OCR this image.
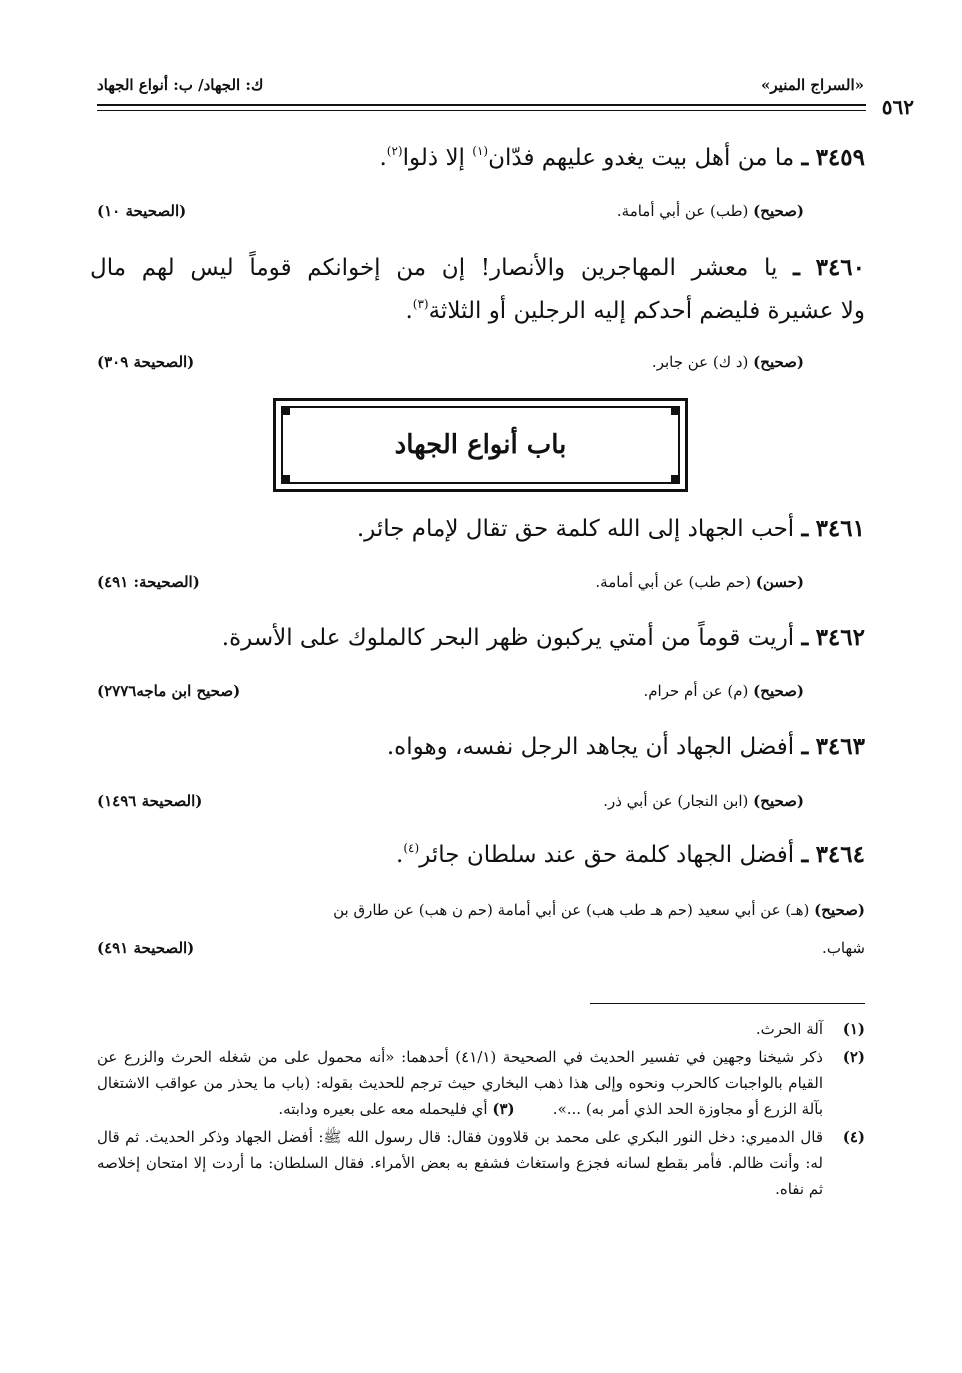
٥٦٢
«السراج المنير»
ك: الجهاد/ ب: أنواع الجهاد
٣٤٥٩ ـ ما من أهل بيت يغدو عليهم فدّان$^{(١)}$ إلا ذلوا$^{(٢)}$.
(صحيح) (طب) عن أبي أمامة.
(الصحيحة ١٠)
٣٤٦٠ ـ يا معشر المهاجرين والأنصار! إن من إخوانكم قوماً ليس لهم مال
ولا عشيرة فليضم أحدكم إليه الرجلين أو الثلاثة$^{(٣)}$.
(صحيح) (د ك) عن جابر.
(الصحيحة ٣٠٩)
باب أنواع الجهاد
٣٤٦١ ـ أحب الجهاد إلى الله كلمة حق تقال لإمام جائر.
(حسن) (حم طب) عن أبي أمامة.
(الصحيحة: ٤٩١)
٣٤٦٢ ـ أريت قوماً من أمتي يركبون ظهر البحر كالملوك على الأسرة.
(صحيح) (م) عن أم حرام.
(صحيح ابن ماجه٢٧٧٦)
٣٤٦٣ ـ أفضل الجهاد أن يجاهد الرجل نفسه، وهواه.
(صحيح) (ابن النجار) عن أبي ذر.
(الصحيحة ١٤٩٦)
٣٤٦٤ ـ أفضل الجهاد كلمة حق عند سلطان جائر$^{(٤)}$.
(صحيح) (هـ) عن أبي سعيد (حم هـ طب هب) عن أبي أمامة (حم ن هب) عن طارق بن
شهاب.
(الصحيحة ٤٩١)
(١)
آلة الحرث.
(٢)
ذكر شيخنا وجهين في تفسير الحديث في الصحيحة (٤١/١) أحدهما: «أنه محمول على من شغله الحرث والزرع عن القيام بالواجبات كالحرب ونحوه وإلى هذا ذهب البخاري حيث ترجم للحديث بقوله: (باب ما يحذر من عواقب الاشتغال بآلة الزرع أو مجاوزة الحد الذي أمر به) ...».        (٣) أي فليحمله معه على بعيره ودابته.
(٤)
قال الدميري: دخل النور البكري على محمد بن قلاوون فقال: قال رسول الله ﷺ: أفضل الجهاد وذكر الحديث. ثم قال له: وأنت ظالم. فأمر بقطع لسانه فجزع واستغاث فشفع به بعض الأمراء. فقال السلطان: ما أردت إلا امتحان إخلاصه ثم نفاه.
